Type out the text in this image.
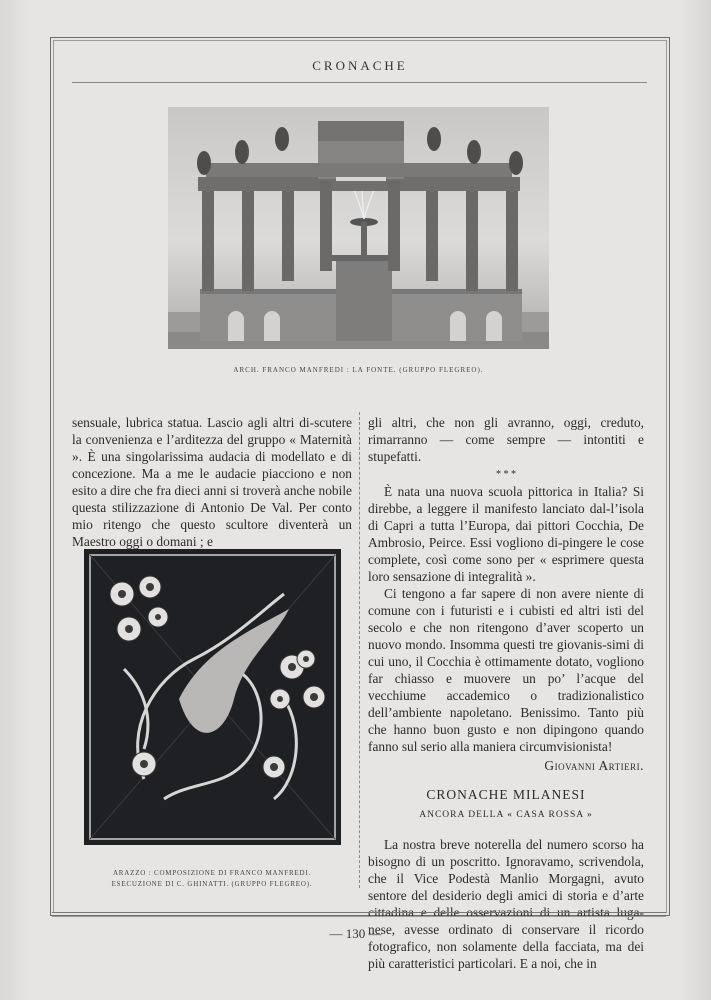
CRONACHE
ARCH. FRANCO MANFREDI : LA FONTE. (GRUPPO FLEGREO).

sensuale, lubrica statua. Lascio agli altri di-scutere la convenienza e l’arditezza del gruppo « Maternità ». È una singolarissima audacia di modellato e di concezione. Ma a me le audacie piacciono e non esito a dire che fra dieci anni si troverà anche nobile questa stilizzazione di Antonio De Val. Per conto mio ritengo che questo scultore diventerà un Maestro oggi o domani ; e

ARAZZO : COMPOSIZIONE DI FRANCO MANFREDI.
ESECUZIONE DI C. GHINATTI. (GRUPPO FLEGREO).

gli altri, che non gli avranno, oggi, creduto, rimarranno — come sempre — intontiti e stupefatti.

* * *

È nata una nuova scuola pittorica in Italia? Si direbbe, a leggere il manifesto lanciato dal-l’isola di Capri a tutta l’Europa, dai pittori Cocchia, De Ambrosio, Peirce. Essi vogliono di-pingere le cose complete, così come sono per « esprimere questa loro sensazione di integralità ».

Ci tengono a far sapere di non avere niente di comune con i futuristi e i cubisti ed altri isti del secolo e che non ritengono d’aver scoperto un nuovo mondo. Insomma questi tre giovanis-simi di cui uno, il Cocchia è ottimamente dotato, vogliono far chiasso e muovere un po’ l’acque del vecchiume accademico o tradizionalistico dell’ambiente napoletano. Benissimo. Tanto più che hanno buon gusto e non dipingono quando fanno sul serio alla maniera circumvisionista!

Giovanni Artieri.

CRONACHE MILANESI

ANCORA DELLA « CASA ROSSA »

La nostra breve noterella del numero scorso ha bisogno di un poscritto. Ignoravamo, scrivendola, che il Vice Podestà Manlio Morgagni, avuto sentore del desiderio degli amici di storia e d’arte cittadina e delle osservazioni di un artista luga-nese, avesse ordinato di conservare il ricordo fotografico, non solamente della facciata, ma dei più caratteristici particolari. E a noi, che in

— 130 —
